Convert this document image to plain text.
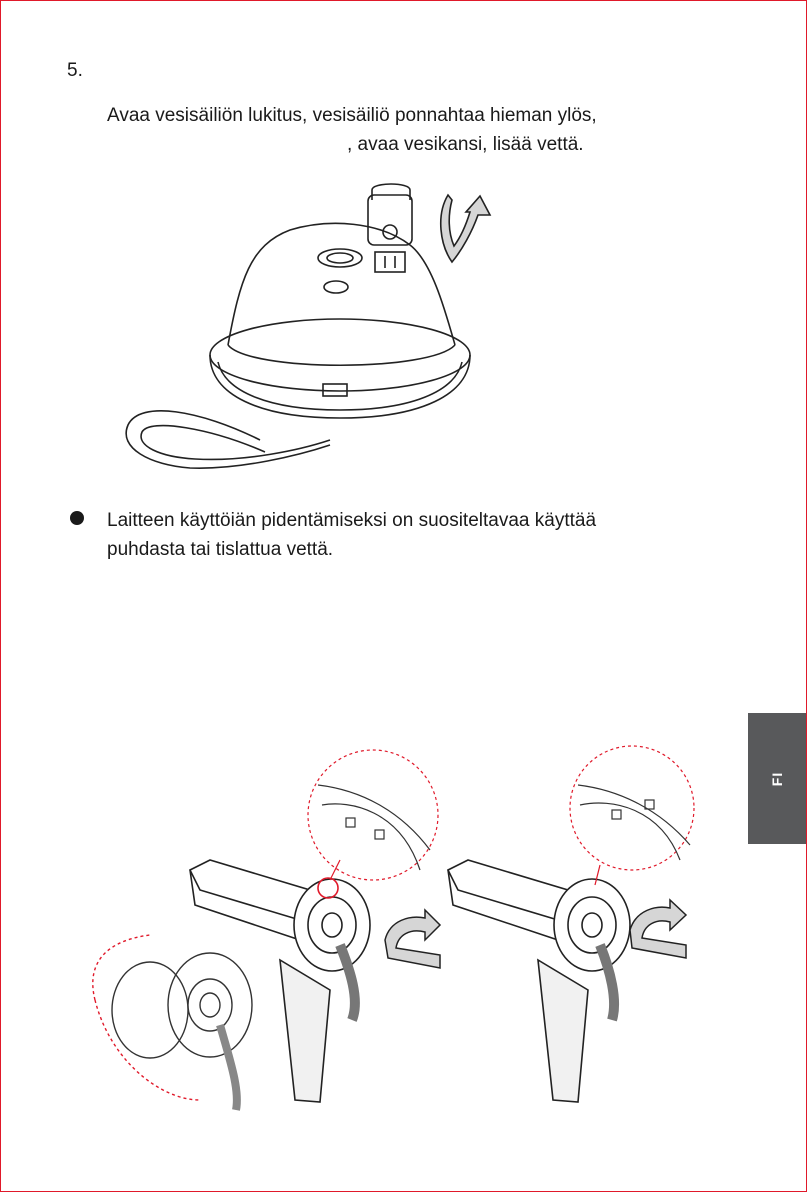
5.
Avaa vesisäiliön lukitus, vesisäiliö ponnahtaa hieman ylös,
, avaa vesikansi, lisää vettä.
Laitteen käyttöiän pidentämiseksi on suositeltavaa käyttää
puhdasta tai tislattua vettä.
FI
